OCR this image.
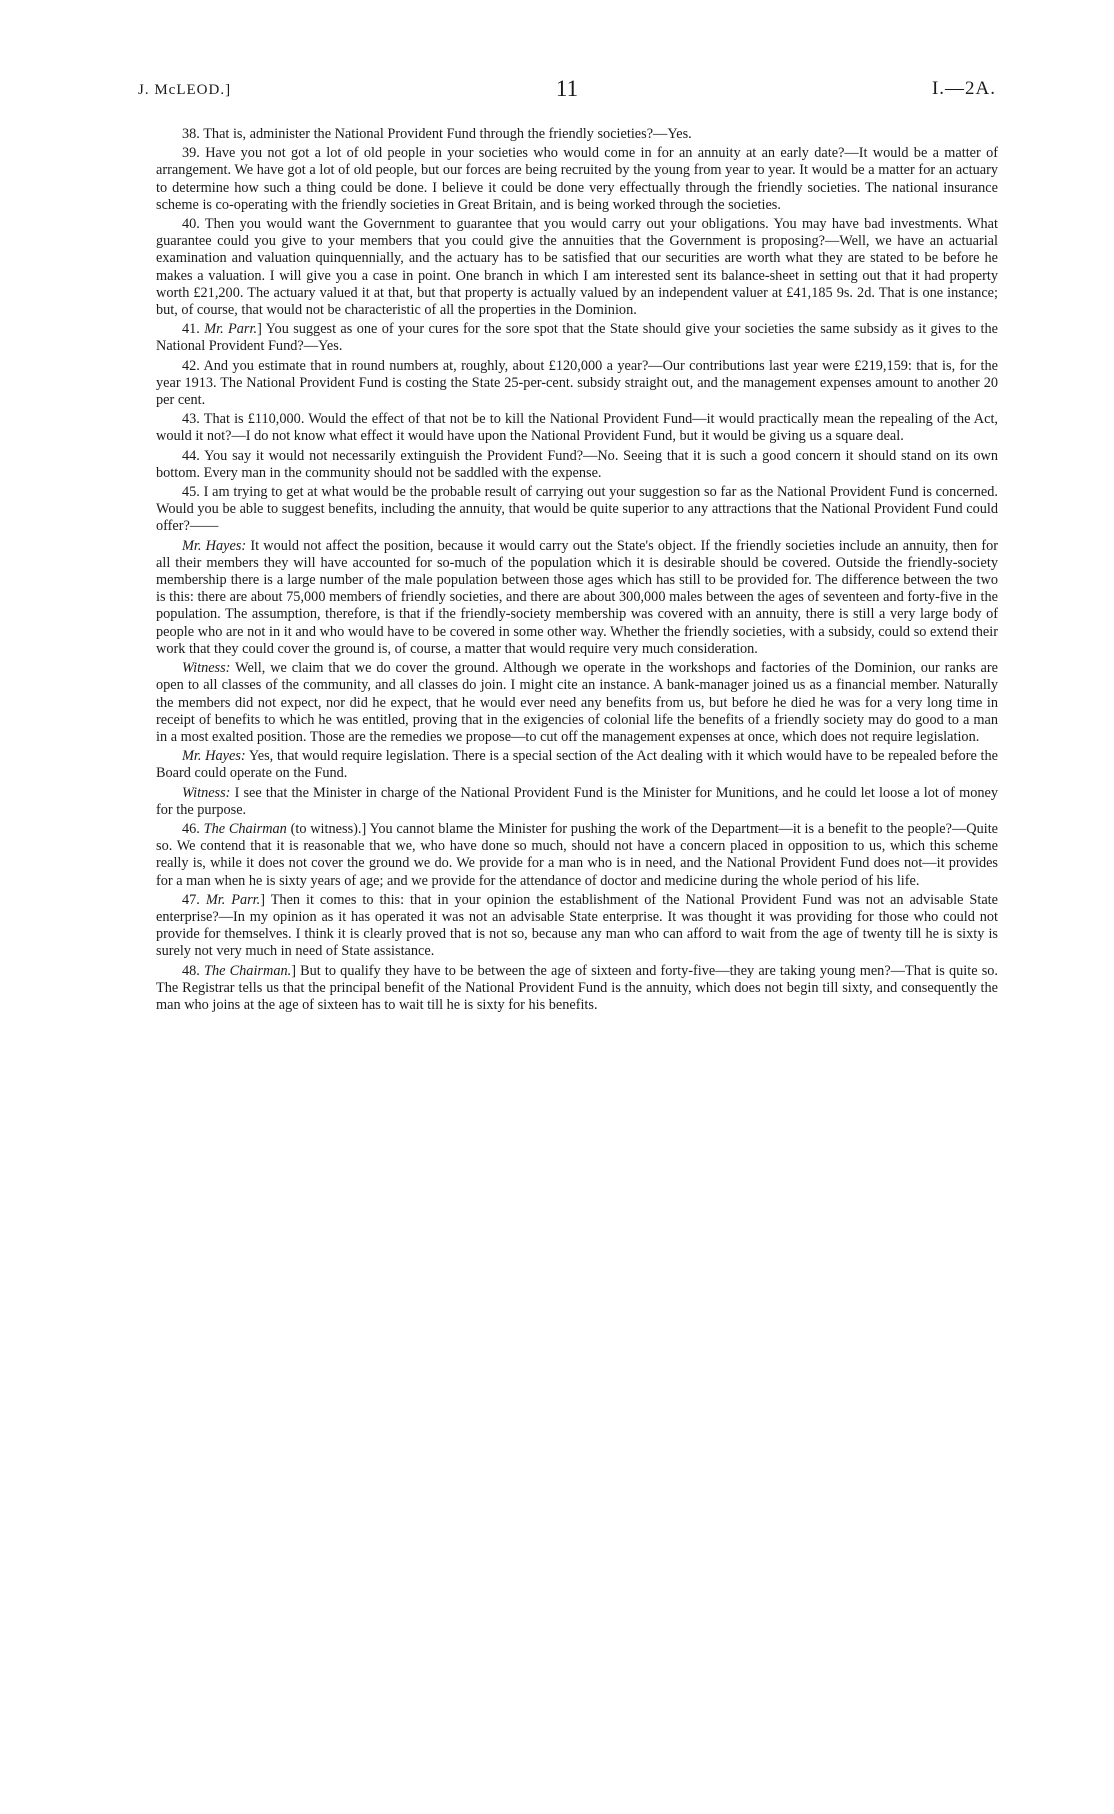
J. McLEOD.]	11	I.—2A.

38. That is, administer the National Provident Fund through the friendly societies?—Yes.

39. Have you not got a lot of old people in your societies who would come in for an annuity at an early date?—It would be a matter of arrangement. We have got a lot of old people, but our forces are being recruited by the young from year to year. It would be a matter for an actuary to determine how such a thing could be done. I believe it could be done very effectually through the friendly societies. The national insurance scheme is co-operating with the friendly societies in Great Britain, and is being worked through the societies.

40. Then you would want the Government to guarantee that you would carry out your obligations. You may have bad investments. What guarantee could you give to your members that you could give the annuities that the Government is proposing?—Well, we have an actuarial examination and valuation quinquennially, and the actuary has to be satisfied that our securities are worth what they are stated to be before he makes a valuation. I will give you a case in point. One branch in which I am interested sent its balance-sheet in setting out that it had property worth £21,200. The actuary valued it at that, but that property is actually valued by an independent valuer at £41,185 9s. 2d. That is one instance; but, of course, that would not be characteristic of all the properties in the Dominion.

41. Mr. Parr.] You suggest as one of your cures for the sore spot that the State should give your societies the same subsidy as it gives to the National Provident Fund?—Yes.

42. And you estimate that in round numbers at, roughly, about £120,000 a year?—Our contributions last year were £219,159: that is, for the year 1913. The National Provident Fund is costing the State 25-per-cent. subsidy straight out, and the management expenses amount to another 20 per cent.

43. That is £110,000. Would the effect of that not be to kill the National Provident Fund—it would practically mean the repealing of the Act, would it not?—I do not know what effect it would have upon the National Provident Fund, but it would be giving us a square deal.

44. You say it would not necessarily extinguish the Provident Fund?—No. Seeing that it is such a good concern it should stand on its own bottom. Every man in the community should not be saddled with the expense.

45. I am trying to get at what would be the probable result of carrying out your suggestion so far as the National Provident Fund is concerned. Would you be able to suggest benefits, including the annuity, that would be quite superior to any attractions that the National Provident Fund could offer?——

Mr. Hayes: It would not affect the position, because it would carry out the State's object. If the friendly societies include an annuity, then for all their members they will have accounted for so-much of the population which it is desirable should be covered. Outside the friendly-society membership there is a large number of the male population between those ages which has still to be provided for. The difference between the two is this: there are about 75,000 members of friendly societies, and there are about 300,000 males between the ages of seventeen and forty-five in the population. The assumption, therefore, is that if the friendly-society membership was covered with an annuity, there is still a very large body of people who are not in it and who would have to be covered in some other way. Whether the friendly societies, with a subsidy, could so extend their work that they could cover the ground is, of course, a matter that would require very much consideration.

Witness: Well, we claim that we do cover the ground. Although we operate in the workshops and factories of the Dominion, our ranks are open to all classes of the community, and all classes do join. I might cite an instance. A bank-manager joined us as a financial member. Naturally the members did not expect, nor did he expect, that he would ever need any benefits from us, but before he died he was for a very long time in receipt of benefits to which he was entitled, proving that in the exigencies of colonial life the benefits of a friendly society may do good to a man in a most exalted position. Those are the remedies we propose—to cut off the management expenses at once, which does not require legislation.

Mr. Hayes: Yes, that would require legislation. There is a special section of the Act dealing with it which would have to be repealed before the Board could operate on the Fund.

Witness: I see that the Minister in charge of the National Provident Fund is the Minister for Munitions, and he could let loose a lot of money for the purpose.

46. The Chairman (to witness).] You cannot blame the Minister for pushing the work of the Department—it is a benefit to the people?—Quite so. We contend that it is reasonable that we, who have done so much, should not have a concern placed in opposition to us, which this scheme really is, while it does not cover the ground we do. We provide for a man who is in need, and the National Provident Fund does not—it provides for a man when he is sixty years of age; and we provide for the attendance of doctor and medicine during the whole period of his life.

47. Mr. Parr.] Then it comes to this: that in your opinion the establishment of the National Provident Fund was not an advisable State enterprise?—In my opinion as it has operated it was not an advisable State enterprise. It was thought it was providing for those who could not provide for themselves. I think it is clearly proved that is not so, because any man who can afford to wait from the age of twenty till he is sixty is surely not very much in need of State assistance.

48. The Chairman.] But to qualify they have to be between the age of sixteen and forty-five—they are taking young men?—That is quite so. The Registrar tells us that the principal benefit of the National Provident Fund is the annuity, which does not begin till sixty, and consequently the man who joins at the age of sixteen has to wait till he is sixty for his benefits.
